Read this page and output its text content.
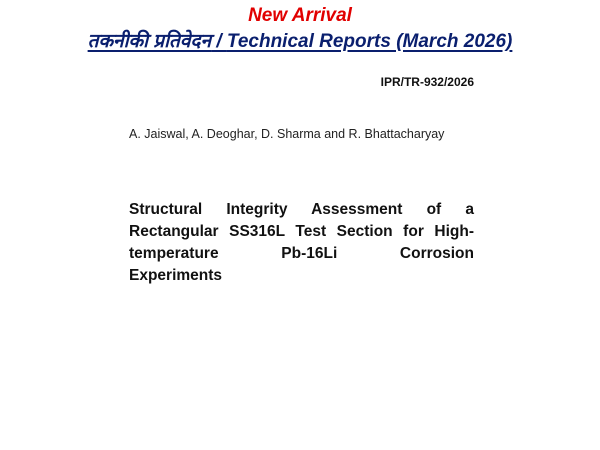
New Arrival
तकनीकी प्रतिवेदन / Technical Reports (March 2026)
IPR/TR-932/2026
A. Jaiswal, A. Deoghar, D. Sharma and R. Bhattacharyay
Structural Integrity Assessment of a
Rectangular SS316L Test Section for High-
temperature Pb-16Li Corrosion
Experiments
